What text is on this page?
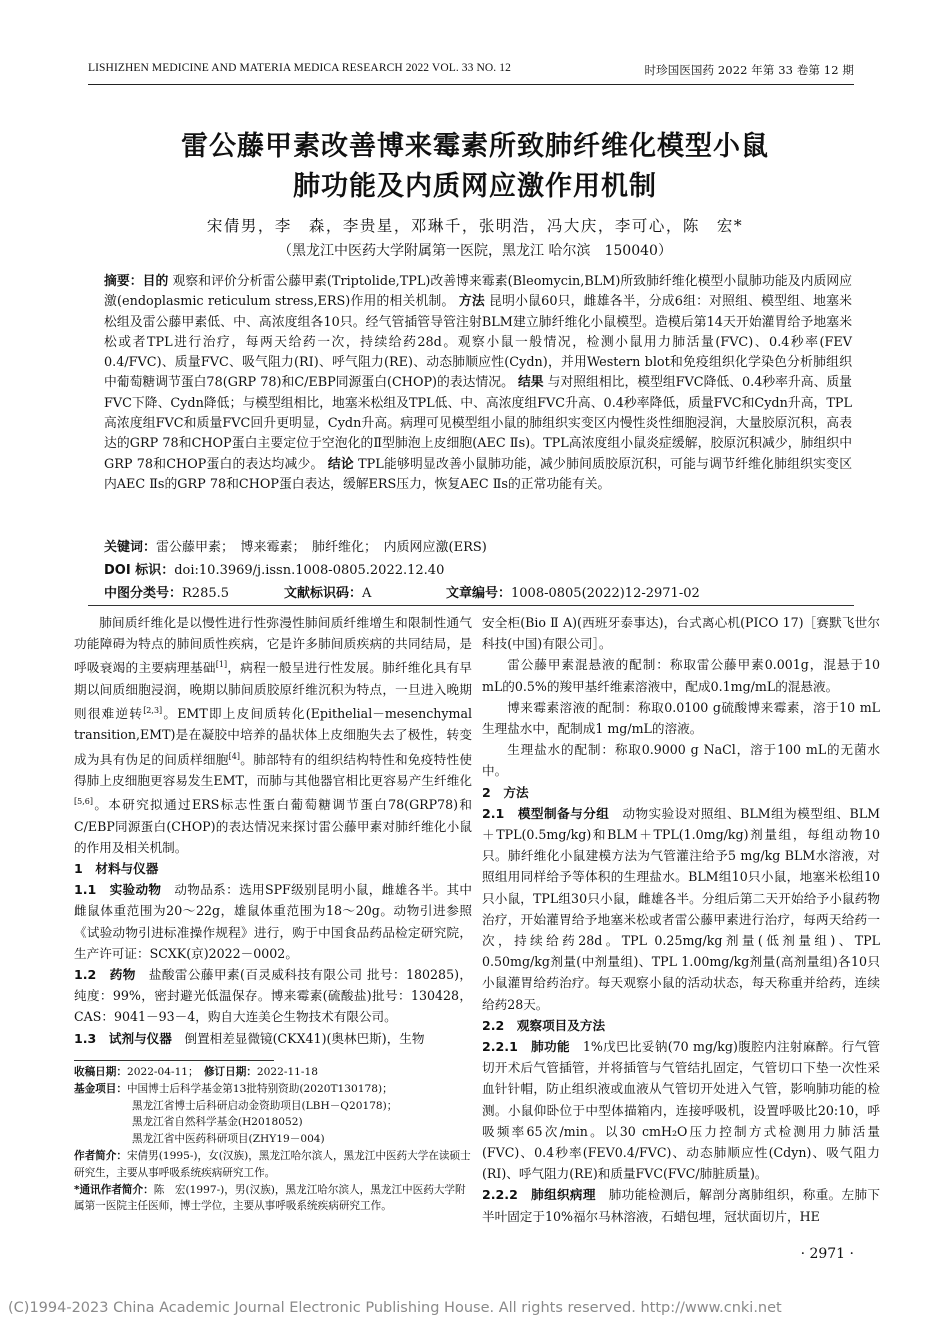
LISHIZHEN MEDICINE AND MATERIA MEDICA RESEARCH 2022 VOL. 33 NO. 12	时珍国医国药 2022 年第 33 卷第 12 期
雷公藤甲素改善博来霉素所致肺纤维化模型小鼠
肺功能及内质网应激作用机制
宋倩男，李　森，李贵星，邓琳千，张明浩，冯大庆，李可心，陈　宏*
（黑龙江中医药大学附属第一医院，黑龙江 哈尔滨　150040）
摘要：目的 观察和评价分析雷公藤甲素(Triptolide,TPL)改善博来霉素(Bleomycin,BLM)所致肺纤维化模型小鼠肺功能及内质网应激(endoplasmic reticulum stress,ERS)作用的相关机制。 方法 昆明小鼠60只，雌雄各半，分成6组：对照组、模型组、地塞米松组及雷公藤甲素低、中、高浓度组各10只。经气管插管导管注射BLM建立肺纤维化小鼠模型。造模后第14天开始灌胃给予地塞米松或者TPL进行治疗，每两天给药一次，持续给药28d。观察小鼠一般情况，检测小鼠用力肺活量(FVC)、0.4秒率(FEV 0.4/FVC)、质量FVC、吸气阻力(RI)、呼气阻力(RE)、动态肺顺应性(Cydn)，并用Western blot和免疫组织化学染色分析肺组织中葡萄糖调节蛋白78(GRP 78)和C/EBP同源蛋白(CHOP)的表达情况。 结果 与对照组相比，模型组FVC降低、0.4秒率升高、质量FVC下降、Cydn降低；与模型组相比，地塞米松组及TPL低、中、高浓度组FVC升高、0.4秒率降低，质量FVC和Cydn升高，TPL高浓度组FVC和质量FVC回升更明显，Cydn升高。病理可见模型组小鼠的肺组织实变区内慢性炎性细胞浸润，大量胶原沉积，高表达的GRP 78和CHOP蛋白主要定位于空泡化的Ⅱ型肺泡上皮细胞(AEC Ⅱs)。TPL高浓度组小鼠炎症缓解，胶原沉积减少，肺组织中GRP 78和CHOP蛋白的表达均减少。 结论 TPL能够明显改善小鼠肺功能，减少肺间质胶原沉积，可能与调节纤维化肺组织实变区内AEC Ⅱs的GRP 78和CHOP蛋白表达，缓解ERS压力，恢复AEC Ⅱs的正常功能有关。
关键词：雷公藤甲素；　博来霉素；　肺纤维化；　内质网应激(ERS)
DOI 标识：doi:10.3969/j.issn.1008-0805.2022.12.40
中图分类号：R285.5	文献标识码：A	文章编号：1008-0805(2022)12-2971-02

肺间质纤维化是以慢性进行性弥漫性肺间质纤维增生和限制性通气功能障碍为特点的肺间质性疾病，它是许多肺间质疾病的共同结局，是呼吸衰竭的主要病理基础[1]，病程一般呈进行性发展。肺纤维化具有早期以间质细胞浸润，晚期以肺间质胶原纤维沉积为特点，一旦进入晚期则很难逆转[2,3]。EMT即上皮间质转化(Epithelial－mesenchymal transition,EMT)是在凝胶中培养的晶状体上皮细胞失去了极性，转变成为具有伪足的间质样细胞[4]。肺部特有的组织结构特性和免疫特性使得肺上皮细胞更容易发生EMT，而肺与其他器官相比更容易产生纤维化[5,6]。本研究拟通过ERS标志性蛋白葡萄糖调节蛋白78(GRP78)和C/EBP同源蛋白(CHOP)的表达情况来探讨雷公藤甲素对肺纤维化小鼠的作用及相关机制。

1　材料与仪器

1.1　实验动物　 动物品系：选用SPF级别昆明小鼠，雌雄各半。其中雌鼠体重范围为20～22g，雄鼠体重范围为18～20g。动物引进参照《试验动物引进标准操作规程》进行，购于中国食品药品检定研究院，生产许可证：SCXK(京)2022－0002。

1.2　药物　 盐酸雷公藤甲素(百灵威科技有限公司 批号：180285)，纯度：99%，密封避光低温保存。博来霉素(硫酸盐)批号：130428，CAS：9041－93－4，购自大连美仑生物技术有限公司。

1.3　试剂与仪器　 倒置相差显微镜(CKX41)(奥林巴斯)，生物

安全柜(Bio Ⅱ A)(西班牙泰事达)，台式离心机(PICO 17)［赛默飞世尔科技(中国)有限公司］。

雷公藤甲素混悬液的配制：称取雷公藤甲素0.001g，混悬于10 mL的0.5%的羧甲基纤维素溶液中，配成0.1mg/mL的混悬液。

博来霉素溶液的配制：称取0.0100 g硫酸博来霉素，溶于10 mL生理盐水中，配制成1 mg/mL的溶液。

生理盐水的配制：称取0.9000 g NaCl，溶于100 mL的无菌水中。

2　方法

2.1　模型制备与分组　 动物实验设对照组、BLM组为模型组、BLM＋TPL(0.5mg/kg)和BLM＋TPL(1.0mg/kg)剂量组，每组动物10只。肺纤维化小鼠建模方法为气管灌注给予5 mg/kg BLM水溶液，对照组用同样给予等体积的生理盐水。BLM组10只小鼠，地塞米松组10只小鼠，TPL组30只小鼠，雌雄各半。分组后第二天开始给予小鼠药物治疗，开始灌胃给予地塞米松或者雷公藤甲素进行治疗，每两天给药一次，持续给药28d。TPL 0.25mg/kg剂量(低剂量组)、TPL 0.50mg/kg剂量(中剂量组)、TPL 1.00mg/kg剂量(高剂量组)各10只小鼠灌胃给药治疗。每天观察小鼠的活动状态，每天称重并给药，连续给药28天。

2.2　观察项目及方法

2.2.1　肺功能　 1%戊巴比妥钠(70 mg/kg)腹腔内注射麻醉。行气管切开术后气管插管，并将插管与气管结扎固定，气管切口下垫一次性采血针针帽，防止组织液或血液从气管切开处进入气管，影响肺功能的检测。小鼠仰卧位于中型体描箱内，连接呼吸机，设置呼吸比20:10，呼吸频率65次/min。以30 cmH₂O压力控制方式检测用力肺活量(FVC)、0.4秒率(FEV0.4/FVC)、动态肺顺应性(Cdyn)、吸气阻力(RI)、呼气阻力(RE)和质量FVC(FVC/肺脏质量)。

2.2.2　肺组织病理　 肺功能检测后，解剖分离肺组织，称重。左肺下半叶固定于10%福尔马林溶液，石蜡包埋，冠状面切片，HE

收稿日期：2022-04-11；　 修订日期：2022-11-18
基金项目：中国博士后科学基金第13批特别资助(2020T130178)；
黑龙江省博士后科研启动金资助项目(LBH－Q20178)；
黑龙江省自然科学基金(H2018052)
黑龙江省中医药科研项目(ZHY19－004)
作者简介：宋倩男(1995-)，女(汉族)，黑龙江哈尔滨人，黑龙江中医药大学在读硕士研究生，主要从事呼吸系统疾病研究工作。
*通讯作者简介：陈　宏(1997-)，男(汉族)，黑龙江哈尔滨人，黑龙江中医药大学附属第一医院主任医师，博士学位，主要从事呼吸系统疾病研究工作。
· 2971 ·
(C)1994-2023 China Academic Journal Electronic Publishing House. All rights reserved. http://www.cnki.net
